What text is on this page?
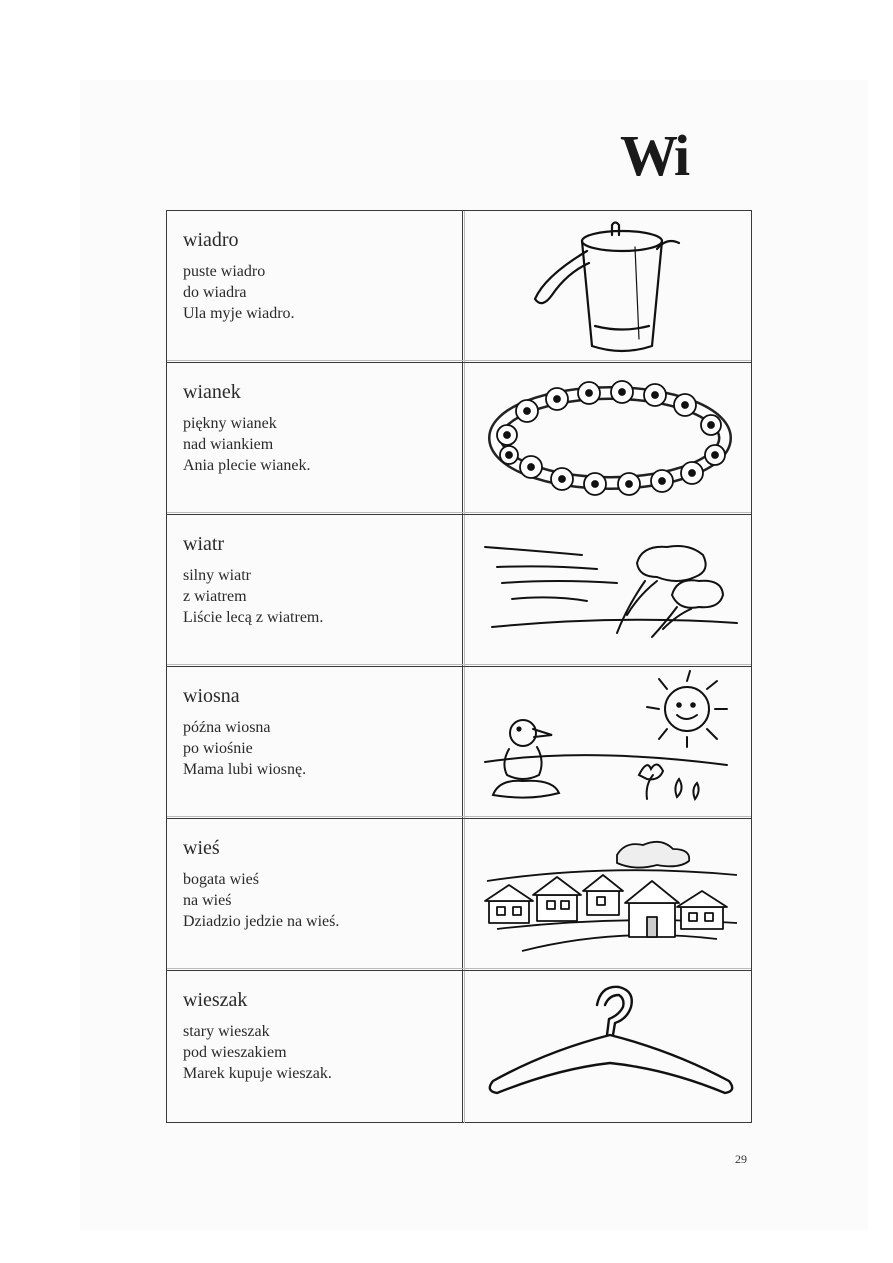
Wi
wiadro
puste wiadro
do wiadra
Ula myje wiadro.
wianek
piękny wianek
nad wiankiem
Ania plecie wianek.
wiatr
silny wiatr
z wiatrem
Liście lecą z wiatrem.
wiosna
późna wiosna
po wiośnie
Mama lubi wiosnę.
wieś
bogata wieś
na wieś
Dziadzio jedzie na wieś.
wieszak
stary wieszak
pod wieszakiem
Marek kupuje wieszak.
29
